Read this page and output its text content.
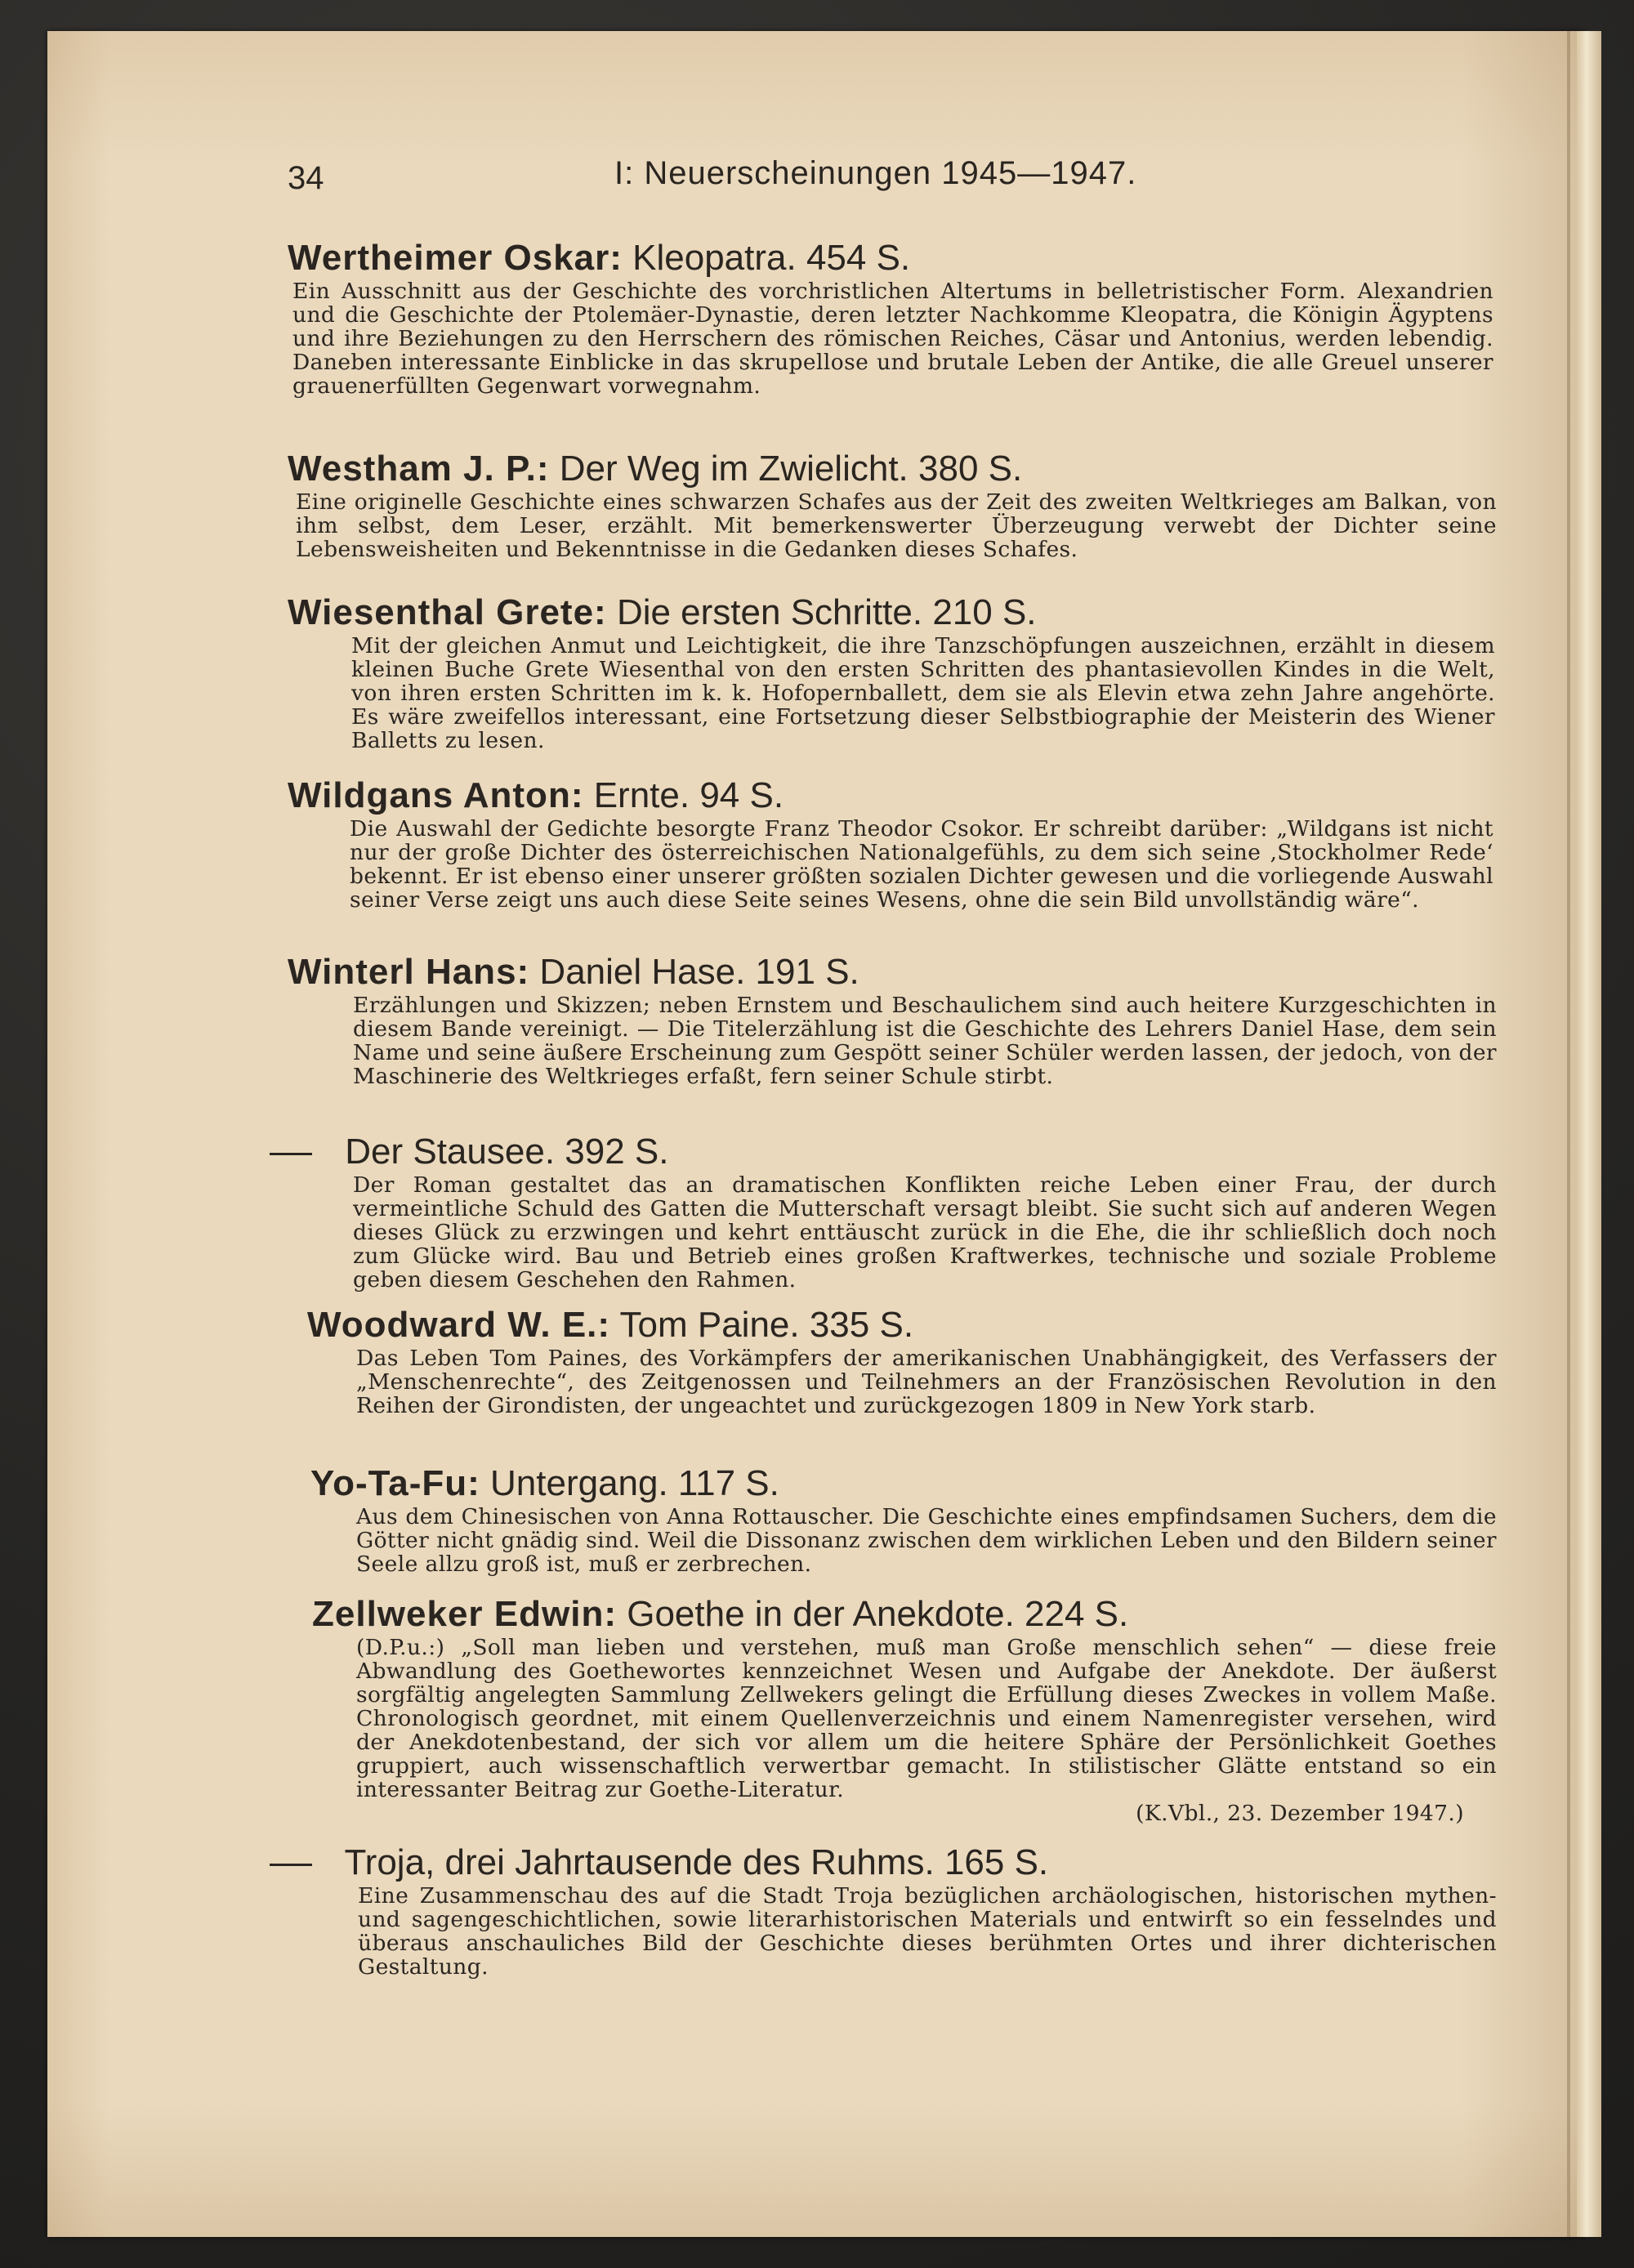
34	I: Neuerscheinungen 1945—1947.
Wertheimer Oskar: Kleopatra. 454 S.
Ein Ausschnitt aus der Geschichte des vorchristlichen Altertums in belletristischer Form. Alexandrien und die Geschichte der Ptolemäer-Dynastie, deren letzter Nachkomme Kleopatra, die Königin Ägyptens und ihre Beziehungen zu den Herrschern des römischen Reiches, Cäsar und Antonius, werden lebendig. Daneben interessante Einblicke in das skrupellose und brutale Leben der Antike, die alle Greuel unserer grauenerfüllten Gegenwart vorwegnahm.
Westham J. P.: Der Weg im Zwielicht. 380 S.
Eine originelle Geschichte eines schwarzen Schafes aus der Zeit des zweiten Weltkrieges am Balkan, von ihm selbst, dem Leser, erzählt. Mit bemerkenswerter Überzeugung verwebt der Dichter seine Lebensweisheiten und Bekenntnisse in die Gedanken dieses Schafes.
Wiesenthal Grete: Die ersten Schritte. 210 S.
Mit der gleichen Anmut und Leichtigkeit, die ihre Tanzschöpfungen auszeichnen, erzählt in diesem kleinen Buche Grete Wiesenthal von den ersten Schritten des phantasievollen Kindes in die Welt, von ihren ersten Schritten im k. k. Hofopernballett, dem sie als Elevin etwa zehn Jahre angehörte. Es wäre zweifellos interessant, eine Fortsetzung dieser Selbstbiographie der Meisterin des Wiener Balletts zu lesen.
Wildgans Anton: Ernte. 94 S.
Die Auswahl der Gedichte besorgte Franz Theodor Csokor. Er schreibt darüber: „Wildgans ist nicht nur der große Dichter des österreichischen Nationalgefühls, zu dem sich seine ‚Stockholmer Rede‘ bekennt. Er ist ebenso einer unserer größten sozialen Dichter gewesen und die vorliegende Auswahl seiner Verse zeigt uns auch diese Seite seines Wesens, ohne die sein Bild unvollständig wäre“.
Winterl Hans: Daniel Hase. 191 S.
Erzählungen und Skizzen; neben Ernstem und Beschaulichem sind auch heitere Kurzgeschichten in diesem Bande vereinigt. — Die Titelerzählung ist die Geschichte des Lehrers Daniel Hase, dem sein Name und seine äußere Erscheinung zum Gespött seiner Schüler werden lassen, der jedoch, von der Maschinerie des Weltkrieges erfaßt, fern seiner Schule stirbt.
Der Stausee. 392 S.
Der Roman gestaltet das an dramatischen Konflikten reiche Leben einer Frau, der durch vermeintliche Schuld des Gatten die Mutterschaft versagt bleibt. Sie sucht sich auf anderen Wegen dieses Glück zu erzwingen und kehrt enttäuscht zurück in die Ehe, die ihr schließlich doch noch zum Glücke wird. Bau und Betrieb eines großen Kraftwerkes, technische und soziale Probleme geben diesem Geschehen den Rahmen.
Woodward W. E.: Tom Paine. 335 S.
Das Leben Tom Paines, des Vorkämpfers der amerikanischen Unabhängigkeit, des Verfassers der „Menschenrechte“, des Zeitgenossen und Teilnehmers an der Französischen Revolution in den Reihen der Girondisten, der ungeachtet und zurückgezogen 1809 in New York starb.
Yo-Ta-Fu: Untergang. 117 S.
Aus dem Chinesischen von Anna Rottauscher. Die Geschichte eines empfindsamen Suchers, dem die Götter nicht gnädig sind. Weil die Dissonanz zwischen dem wirklichen Leben und den Bildern seiner Seele allzu groß ist, muß er zerbrechen.
Zellweker Edwin: Goethe in der Anekdote. 224 S.
(D.P.u.:) „Soll man lieben und verstehen, muß man Große menschlich sehen“ — diese freie Abwandlung des Goethewortes kennzeichnet Wesen und Aufgabe der Anekdote. Der äußerst sorgfältig angelegten Sammlung Zellwekers gelingt die Erfüllung dieses Zweckes in vollem Maße. Chronologisch geordnet, mit einem Quellenverzeichnis und einem Namenregister versehen, wird der Anekdotenbestand, der sich vor allem um die heitere Sphäre der Persönlichkeit Goethes gruppiert, auch wissenschaftlich verwertbar gemacht. In stilistischer Glätte entstand so ein interessanter Beitrag zur Goethe-Literatur.
(K.Vbl., 23. Dezember 1947.)
Troja, drei Jahrtausende des Ruhms. 165 S.
Eine Zusammenschau des auf die Stadt Troja bezüglichen archäologischen, historischen mythen- und sagengeschichtlichen, sowie literarhistorischen Materials und entwirft so ein fesselndes und überaus anschauliches Bild der Geschichte dieses berühmten Ortes und ihrer dichterischen Gestaltung.
